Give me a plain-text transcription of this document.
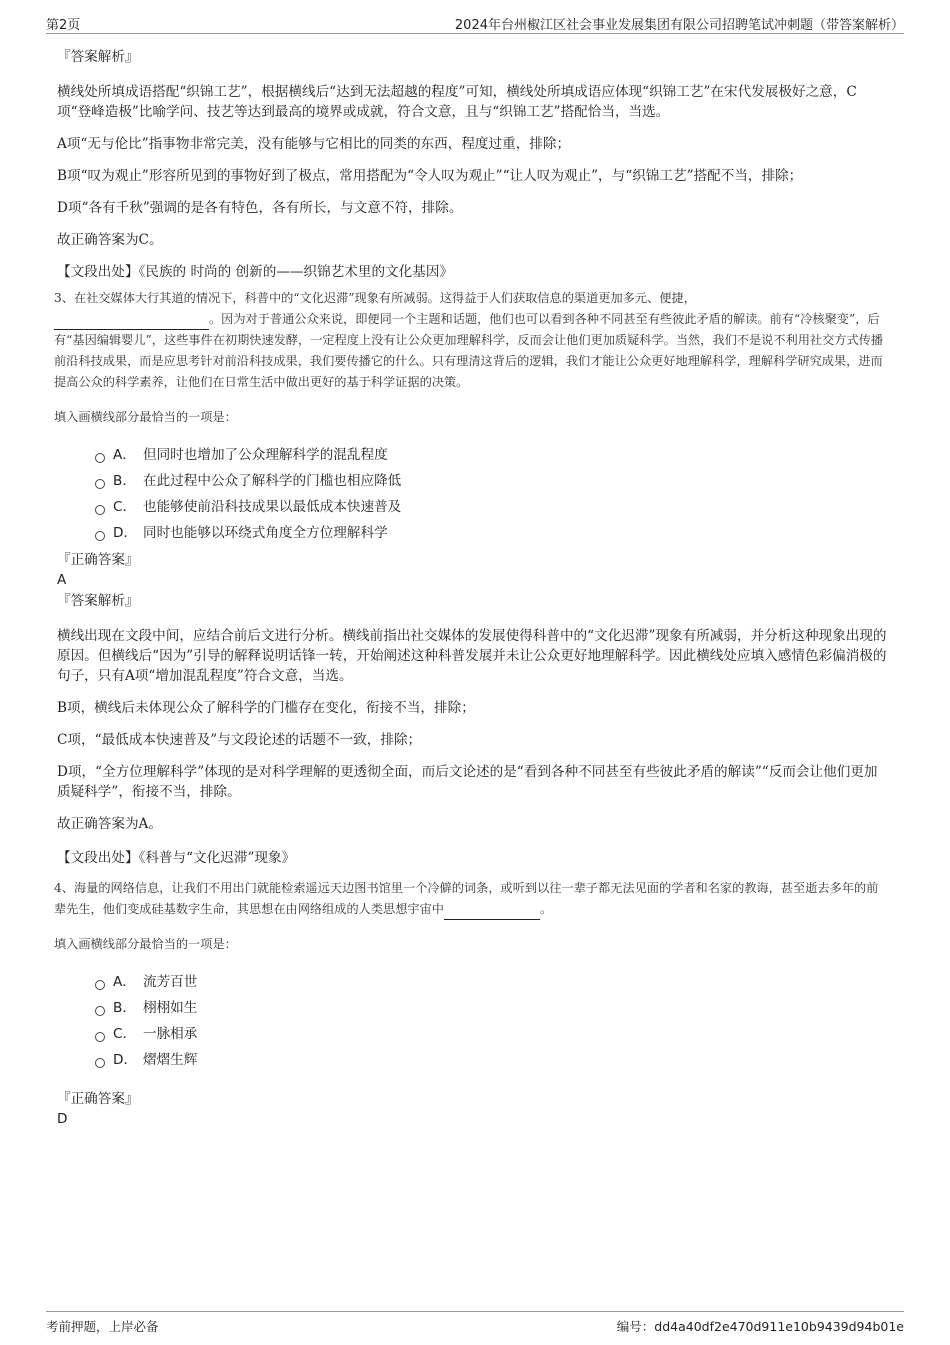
第2页	2024年台州椒江区社会事业发展集团有限公司招聘笔试冲刺题（带答案解析）
『答案解析』
横线处所填成语搭配“织锦工艺”，根据横线后“达到无法超越的程度”可知，横线处所填成语应体现“织锦工艺”在宋代发展极好之意，C项“登峰造极”比喻学问、技艺等达到最高的境界或成就，符合文意，且与“织锦工艺”搭配恰当，当选。
A项“无与伦比”指事物非常完美，没有能够与它相比的同类的东西，程度过重，排除；
B项“叹为观止”形容所见到的事物好到了极点，常用搭配为“令人叹为观止”“让人叹为观止”，与“织锦工艺”搭配不当，排除；
D项“各有千秋”强调的是各有特色，各有所长，与文意不符，排除。
故正确答案为C。
【文段出处】《民族的 时尚的 创新的——织锦艺术里的文化基因》
3、在社交媒体大行其道的情况下，科普中的“文化迟滞”现象有所减弱。这得益于人们获取信息的渠道更加多元、便捷，
。因为对于普通公众来说，即便同一个主题和话题，他们也可以看到各种不同甚至有些彼此矛盾的解读。前有“冷核聚变”，后有“基因编辑婴儿”，这些事件在初期快速发酵，一定程度上没有让公众更加理解科学，反而会让他们更加质疑科学。当然，我们不是说不利用社交方式传播前沿科技成果，而是应思考针对前沿科技成果，我们要传播它的什么。只有理清这背后的逻辑，我们才能让公众更好地理解科学，理解科学研究成果，进而提高公众的科学素养，让他们在日常生活中做出更好的基于科学证据的决策。
填入画横线部分最恰当的一项是：
A． 但同时也增加了公众理解科学的混乱程度
B． 在此过程中公众了解科学的门槛也相应降低
C． 也能够使前沿科技成果以最低成本快速普及
D． 同时也能够以环绕式角度全方位理解科学
『正确答案』
A
『答案解析』
横线出现在文段中间，应结合前后文进行分析。横线前指出社交媒体的发展使得科普中的“文化迟滞”现象有所减弱，并分析这种现象出现的原因。但横线后“因为”引导的解释说明话锋一转，开始阐述这种科普发展并未让公众更好地理解科学。因此横线处应填入感情色彩偏消极的句子，只有A项“增加混乱程度”符合文意，当选。
B项，横线后未体现公众了解科学的门槛存在变化，衔接不当，排除；
C项，“最低成本快速普及”与文段论述的话题不一致，排除；
D项，“全方位理解科学”体现的是对科学理解的更透彻全面，而后文论述的是“看到各种不同甚至有些彼此矛盾的解读”“反而会让他们更加质疑科学”，衔接不当，排除。
故正确答案为A。
【文段出处】《科普与“文化迟滞”现象》
4、海量的网络信息，让我们不用出门就能检索遥远天边图书馆里一个冷僻的词条，或听到以往一辈子都无法见面的学者和名家的教诲，甚至逝去多年的前辈先生，他们变成硅基数字生命，其思想在由网络组成的人类思想宇宙中	。
填入画横线部分最恰当的一项是：
A． 流芳百世
B． 栩栩如生
C． 一脉相承
D． 熠熠生辉
『正确答案』
D
考前押题，上岸必备	编号：dd4a40df2e470d911e10b9439d94b01e
